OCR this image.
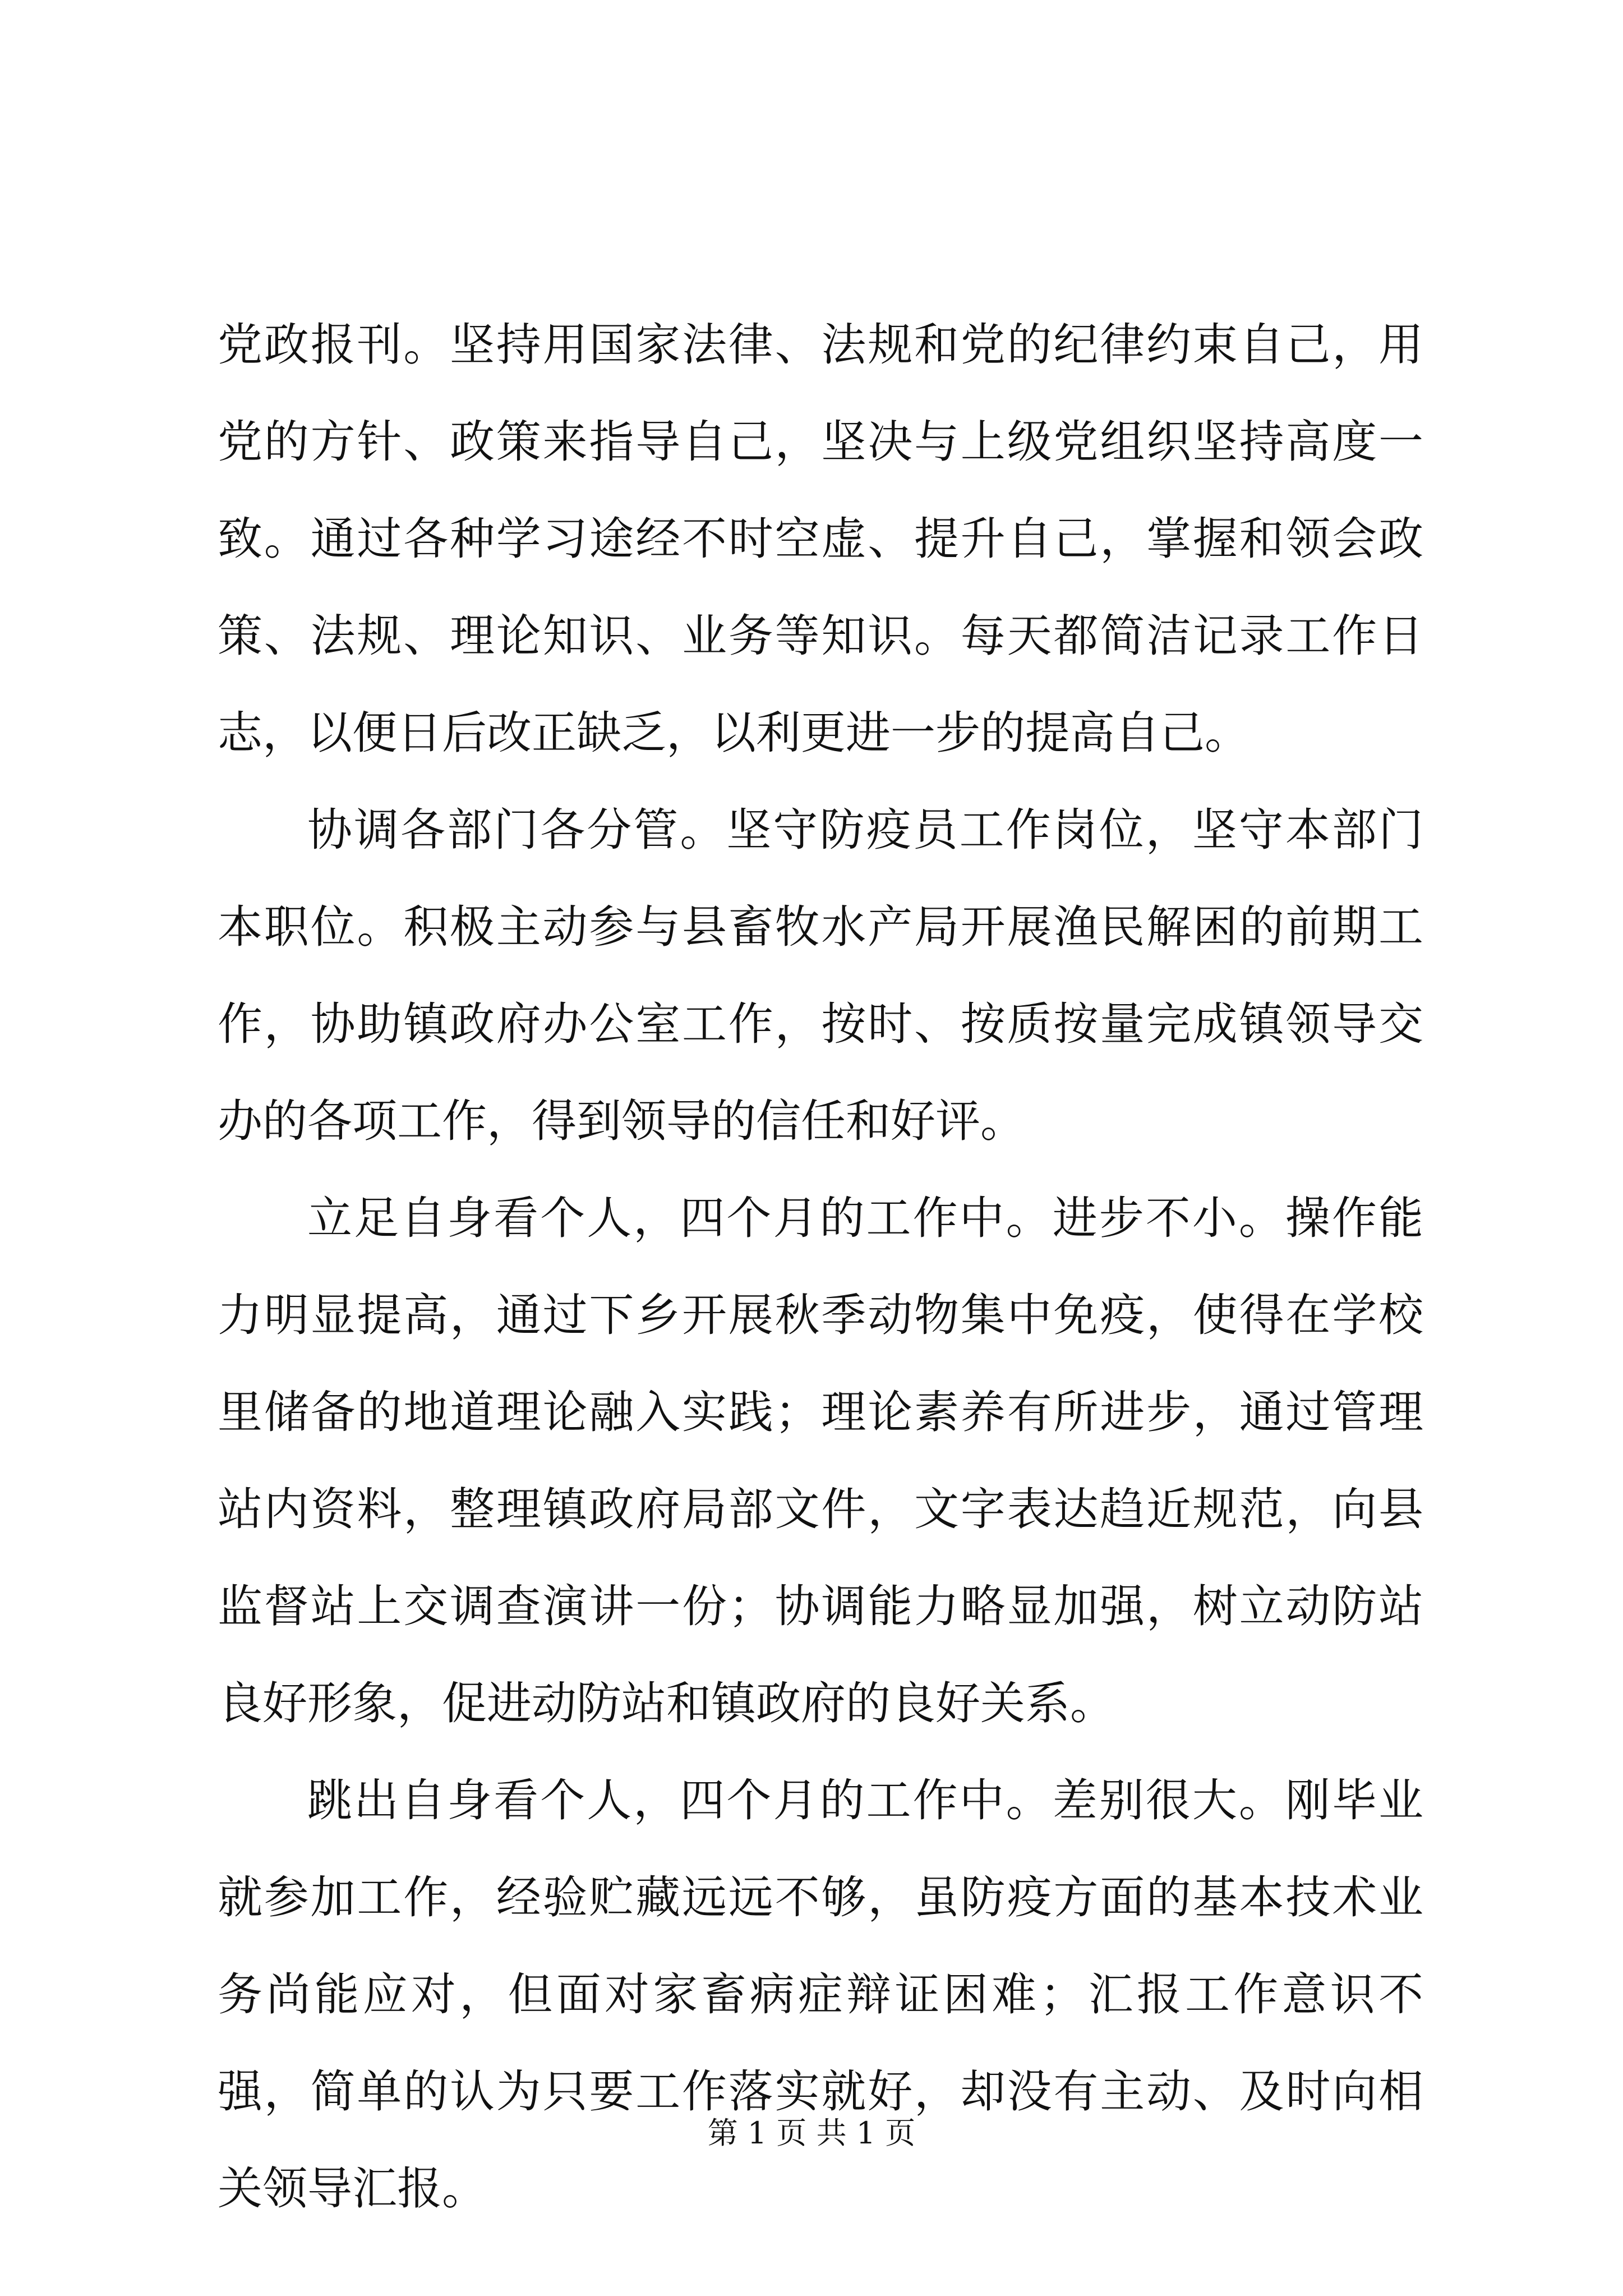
党政报刊。坚持用国家法律、法规和党的纪律约束自己，用党的方针、政策来指导自己，坚决与上级党组织坚持高度一致。通过各种学习途经不时空虚、提升自己，掌握和领会政策、法规、理论知识、业务等知识。每天都简洁记录工作日志，以便日后改正缺乏，以利更进一步的提高自己。

协调各部门各分管。坚守防疫员工作岗位，坚守本部门本职位。积极主动参与县畜牧水产局开展渔民解困的前期工作，协助镇政府办公室工作，按时、按质按量完成镇领导交办的各项工作，得到领导的信任和好评。

立足自身看个人，四个月的工作中。进步不小。操作能力明显提高，通过下乡开展秋季动物集中免疫，使得在学校里储备的地道理论融入实践；理论素养有所进步，通过管理站内资料，整理镇政府局部文件，文字表达趋近规范，向县监督站上交调查演讲一份；协调能力略显加强，树立动防站良好形象，促进动防站和镇政府的良好关系。

跳出自身看个人，四个月的工作中。差别很大。刚毕业就参加工作，经验贮藏远远不够，虽防疫方面的基本技术业务尚能应对，但面对家畜病症辩证困难；汇报工作意识不强，简单的认为只要工作落实就好，却没有主动、及时向相关领导汇报。

第 1 页 共 1 页
